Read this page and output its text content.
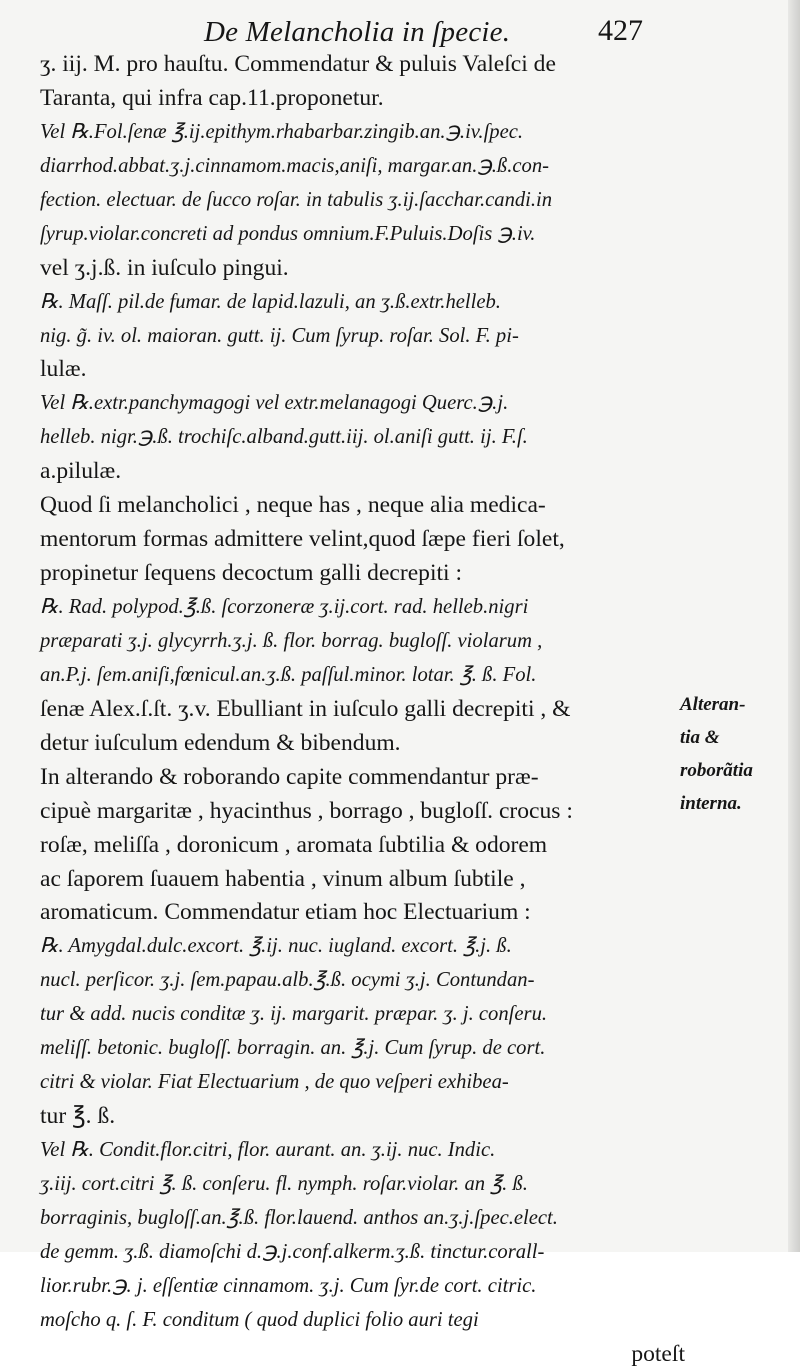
De Melancholia in ſpecie.	427
ʒ. iij. M. pro hauſtu. Commendatur & puluis Valeſci de
Taranta, qui infra cap.11.proponetur.
Vel ℞.Fol.ſenæ ℥.ij.epithym.rhabarbar.zingib.an.℈.iv.ſpec.
diarrhod.abbat.ʒ.j.cinnamom.macis,aniſi, margar.an.℈.ß.con-
fection. electuar. de ſucco roſar. in tabulis ʒ.ij.ſacchar.candi.in
ſyrup.violar.concreti ad pondus omnium.F.Puluis.Doſis ℈.iv.
vel ʒ.j.ß. in iuſculo pingui.
℞. Maſſ. pil.de fumar. de lapid.lazuli, an ʒ.ß.extr.helleb.
nig. g̃. iv. ol. maioran. gutt. ij. Cum ſyrup. roſar. Sol. F. pi-
lulæ.
Vel ℞.extr.panchymagogi vel extr.melanagogi Querc.℈.j.
helleb. nigr.℈.ß. trochiſc.alband.gutt.iij. ol.aniſi gutt. ij. F.ſ.
a.pilulæ.
Quod ſi melancholici , neque has , neque alia medica-
mentorum formas admittere velint,quod ſæpe fieri ſolet,
propinetur ſequens decoctum galli decrepiti :
℞. Rad. polypod.℥.ß. ſcorzoneræ ʒ.ij.cort. rad. helleb.nigri
præparati ʒ.j. glycyrrh.ʒ.j. ß. flor. borrag. bugloſſ. violarum ,
an.P.j. ſem.aniſi,fœnicul.an.ʒ.ß. paſſul.minor. lotar. ℥. ß. Fol.
ſenæ Alex.ſ.ſt. ʒ.v. Ebulliant in iuſculo galli decrepiti , &
detur iuſculum edendum & bibendum.
In alterando & roborando capite commendantur præ-
cipuè margaritæ , hyacinthus , borrago , bugloſſ. crocus :
roſæ, meliſſa , doronicum , aromata ſubtilia & odorem
ac ſaporem ſuauem habentia , vinum album ſubtile ,
aromaticum. Commendatur etiam hoc Electuarium :
℞. Amygdal.dulc.excort. ℥.ij. nuc. iugland. excort. ℥.j. ß.
nucl. perſicor. ʒ.j. ſem.papau.alb.℥.ß. ocymi ʒ.j. Contundan-
tur & add. nucis conditæ ʒ. ij. margarit. præpar. ʒ. j. conſeru.
meliſſ. betonic. bugloſſ. borragin. an. ℥.j. Cum ſyrup. de cort.
citri & violar. Fiat Electuarium , de quo veſperi exhibea-
tur ℥. ß.
Vel ℞. Condit.flor.citri, flor. aurant. an. ʒ.ij. nuc. Indic.
ʒ.iij. cort.citri ℥. ß. conſeru. fl. nymph. roſar.violar. an ℥. ß.
borraginis, bugloſſ.an.℥.ß. flor.lauend. anthos an.ʒ.j.ſpec.elect.
de gemm. ʒ.ß. diamoſchi d.℈.j.conf.alkerm.ʒ.ß. tinctur.corall-
lior.rubr.℈. j. eſſentiæ cinnamom. ʒ.j. Cum ſyr.de cort. citric.
moſcho q. ſ. F. conditum ( quod duplici folio auri tegi
poteſt
Alteran-
tia &
roborãtia
interna.
